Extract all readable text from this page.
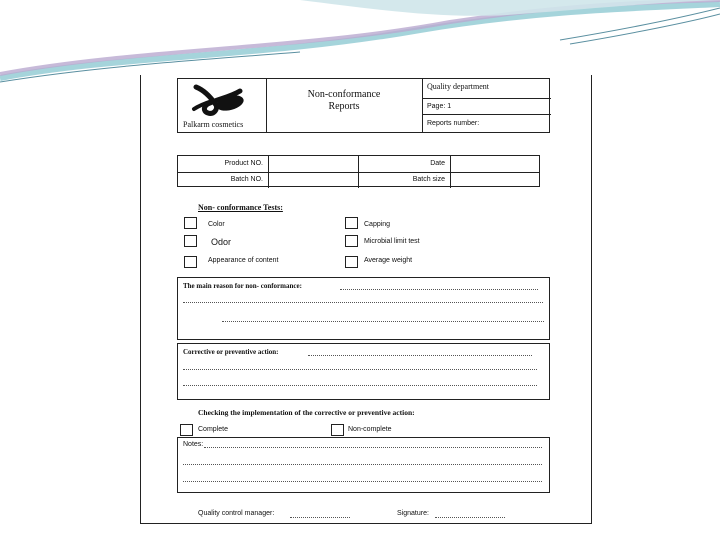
Palkarm cosmetics
Non-conformance
Reports
Quality department
Page: 1
Reports number:
Product NO.	Date
Batch NO.	Batch size
Non- conformance Tests:
Color	Capping
Odor	Microbial limit test
Appearance of content	Average weight
The main reason for non- conformance:
Corrective or preventive action:
Checking the implementation of the corrective or preventive action:
Complete	Non-complete
Notes:
Quality control manager:	Signature:
